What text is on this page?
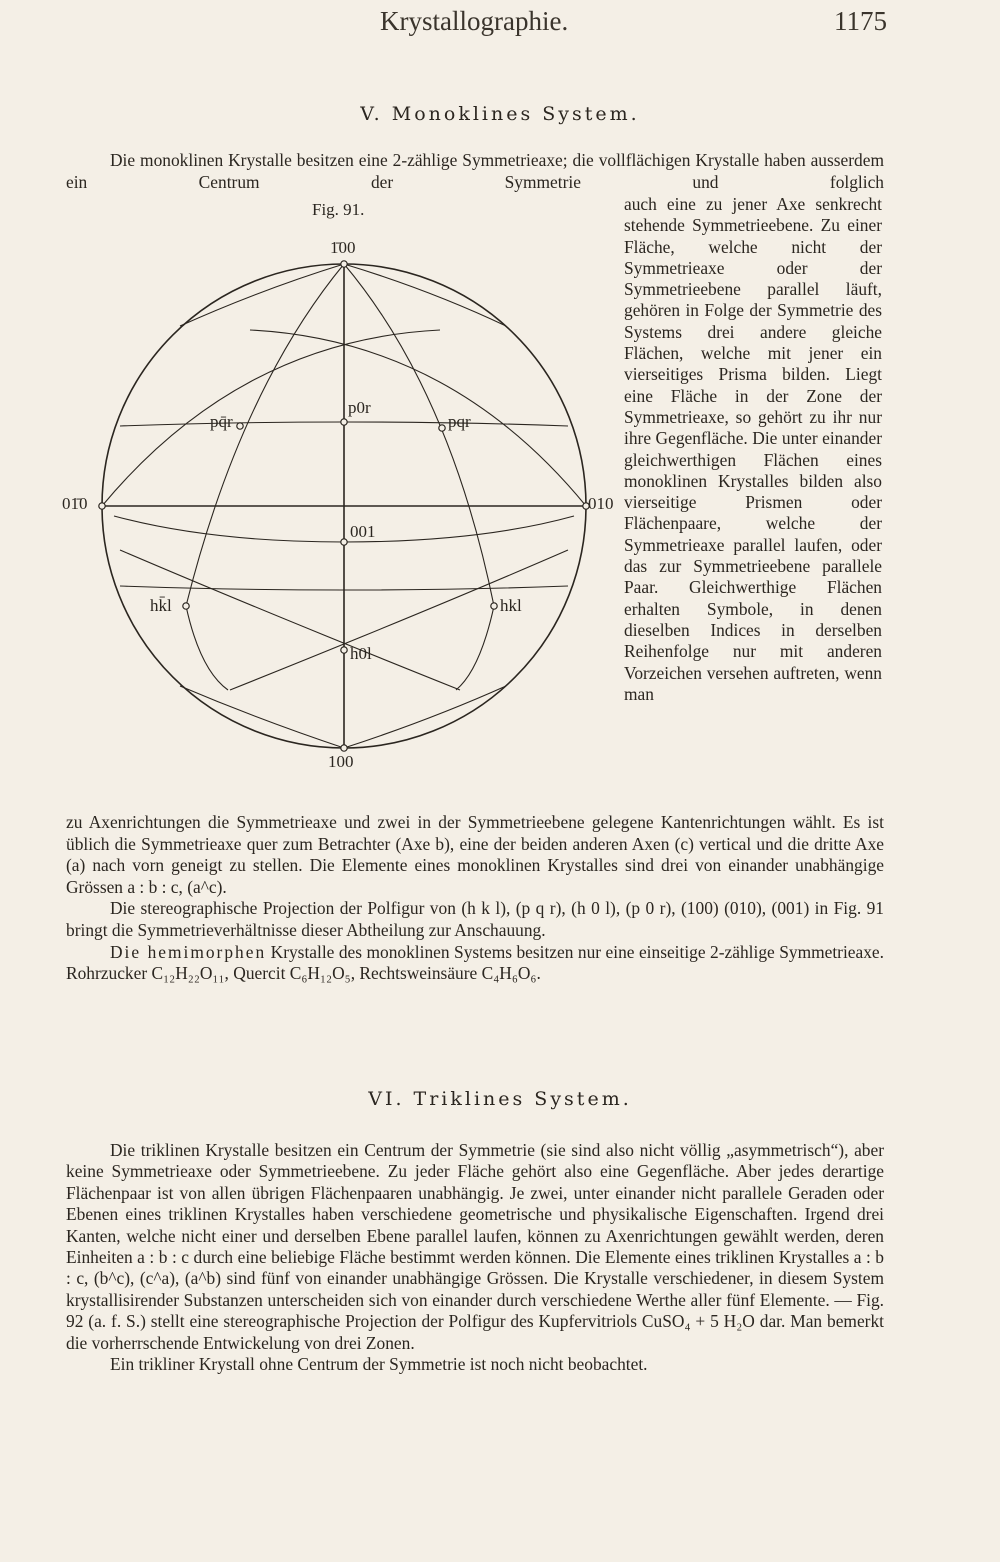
Krystallographie.	1175
V. Monoklines System.

Die monoklinen Krystalle besitzen eine 2-zählige Symmetrieaxe; die vollflächigen Krystalle haben ausserdem ein Centrum der Symmetrie und folglich

Fig. 91.
1̄00
100
01̄0	010
001
p0r
pq̄r	pqr
hk̄l	hkl
h0l

auch eine zu jener Axe senkrecht stehende Symmetrieebene. Zu einer Fläche, welche nicht der Symmetrieaxe oder der Symmetrieebene parallel läuft, gehören in Folge der Symmetrie des Systems drei andere gleiche Flächen, welche mit jener ein vierseitiges Prisma bilden. Liegt eine Fläche in der Zone der Symmetrieaxe, so gehört zu ihr nur ihre Gegenfläche. Die unter einander gleichwerthigen Flächen eines monoklinen Krystalles bilden also vierseitige Prismen oder Flächenpaare, welche der Symmetrieaxe parallel laufen, oder das zur Symmetrieebene parallele Paar. Gleichwerthige Flächen erhalten Symbole, in denen dieselben Indices in derselben Reihenfolge nur mit anderen Vorzeichen versehen auftreten, wenn man

zu Axenrichtungen die Symmetrieaxe und zwei in der Symmetrieebene gelegene Kantenrichtungen wählt. Es ist üblich die Symmetrieaxe quer zum Betrachter (Axe b), eine der beiden anderen Axen (c) vertical und die dritte Axe (a) nach vorn geneigt zu stellen. Die Elemente eines monoklinen Krystalles sind drei von einander unabhängige Grössen a : b : c, (a^c).

Die stereographische Projection der Polfigur von (h k l), (p q r), (h 0 l), (p 0 r), (100) (010), (001) in Fig. 91 bringt die Symmetrieverhältnisse dieser Abtheilung zur Anschauung.

Die hemimorphen Krystalle des monoklinen Systems besitzen nur eine einseitige 2-zählige Symmetrieaxe. Rohrzucker C₁₂H₂₂O₁₁, Quercit C₆H₁₂O₅, Rechtsweinsäure C₄H₆O₆.

VI. Triklines System.

Die triklinen Krystalle besitzen ein Centrum der Symmetrie (sie sind also nicht völlig „asymmetrisch“), aber keine Symmetrieaxe oder Symmetrieebene. Zu jeder Fläche gehört also eine Gegenfläche. Aber jedes derartige Flächenpaar ist von allen übrigen Flächenpaaren unabhängig. Je zwei, unter einander nicht parallele Geraden oder Ebenen eines triklinen Krystalles haben verschiedene geometrische und physikalische Eigenschaften. Irgend drei Kanten, welche nicht einer und derselben Ebene parallel laufen, können zu Axenrichtungen gewählt werden, deren Einheiten a : b : c durch eine beliebige Fläche bestimmt werden können. Die Elemente eines triklinen Krystalles a : b : c, (b^c), (c^a), (a^b) sind fünf von einander unabhängige Grössen. Die Krystalle verschiedener, in diesem System krystallisirender Substanzen unterscheiden sich von einander durch verschiedene Werthe aller fünf Elemente. — Fig. 92 (a. f. S.) stellt eine stereographische Projection der Polfigur des Kupfervitriols CuSO₄ + 5 H₂O dar. Man bemerkt die vorherrschende Entwickelung von drei Zonen.

Ein trikliner Krystall ohne Centrum der Symmetrie ist noch nicht beobachtet.
